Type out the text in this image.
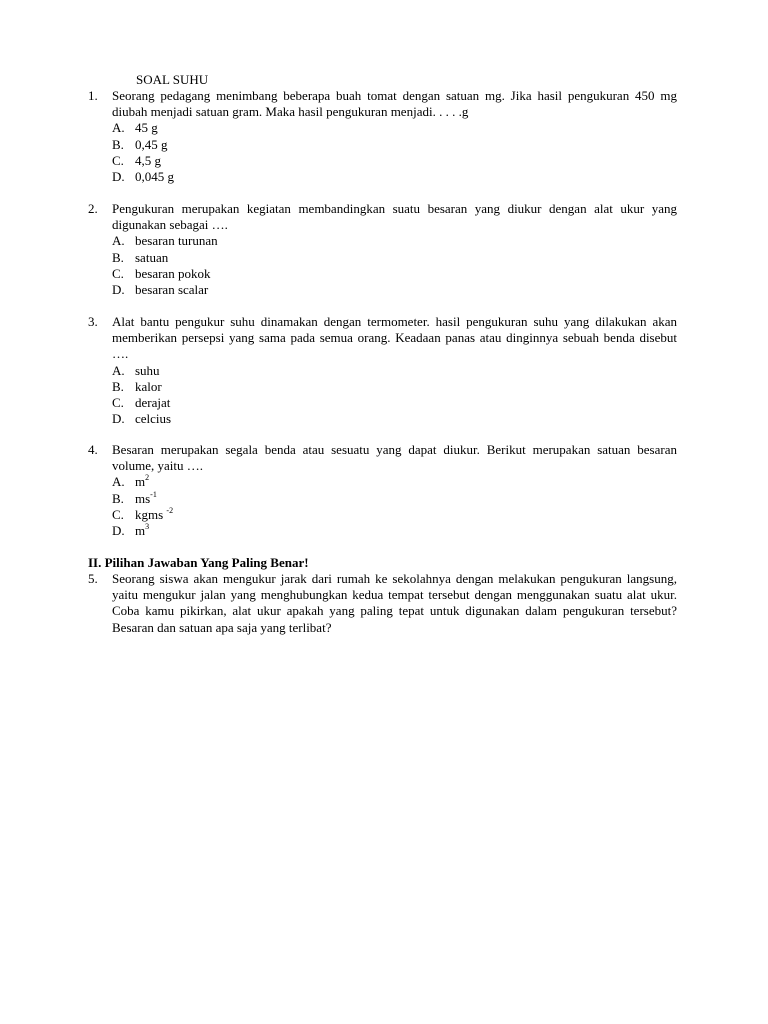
SOAL SUHU
1.	Seorang pedagang menimbang beberapa buah tomat dengan satuan mg. Jika hasil pengukuran 450 mg diubah menjadi satuan gram. Maka hasil pengukuran menjadi. . . . .g
A. 45 g
B. 0,45 g
C. 4,5 g
D. 0,045 g
2.	Pengukuran merupakan kegiatan membandingkan suatu besaran yang diukur dengan alat ukur yang digunakan sebagai ….
A. besaran turunan
B. satuan
C. besaran pokok
D. besaran scalar
3.	Alat bantu pengukur suhu dinamakan dengan termometer. hasil pengukuran suhu yang dilakukan akan memberikan persepsi yang sama pada semua orang. Keadaan panas atau dinginnya sebuah benda disebut ….
A. suhu
B. kalor
C. derajat
D. celcius
4.	Besaran merupakan segala benda atau sesuatu yang dapat diukur. Berikut merupakan satuan besaran volume, yaitu ….
A. $m^2$
B. $ms^{-1}$
C. kgms $^{-2}$
D. $m^3$
II. Pilihan Jawaban Yang Paling Benar!
5.	Seorang siswa akan mengukur jarak dari rumah ke sekolahnya dengan melakukan pengukuran langsung, yaitu mengukur jalan yang menghubungkan kedua tempat tersebut dengan menggunakan suatu alat ukur. Coba kamu pikirkan, alat ukur apakah yang paling tepat untuk digunakan dalam pengukuran tersebut? Besaran dan satuan apa saja yang terlibat?
